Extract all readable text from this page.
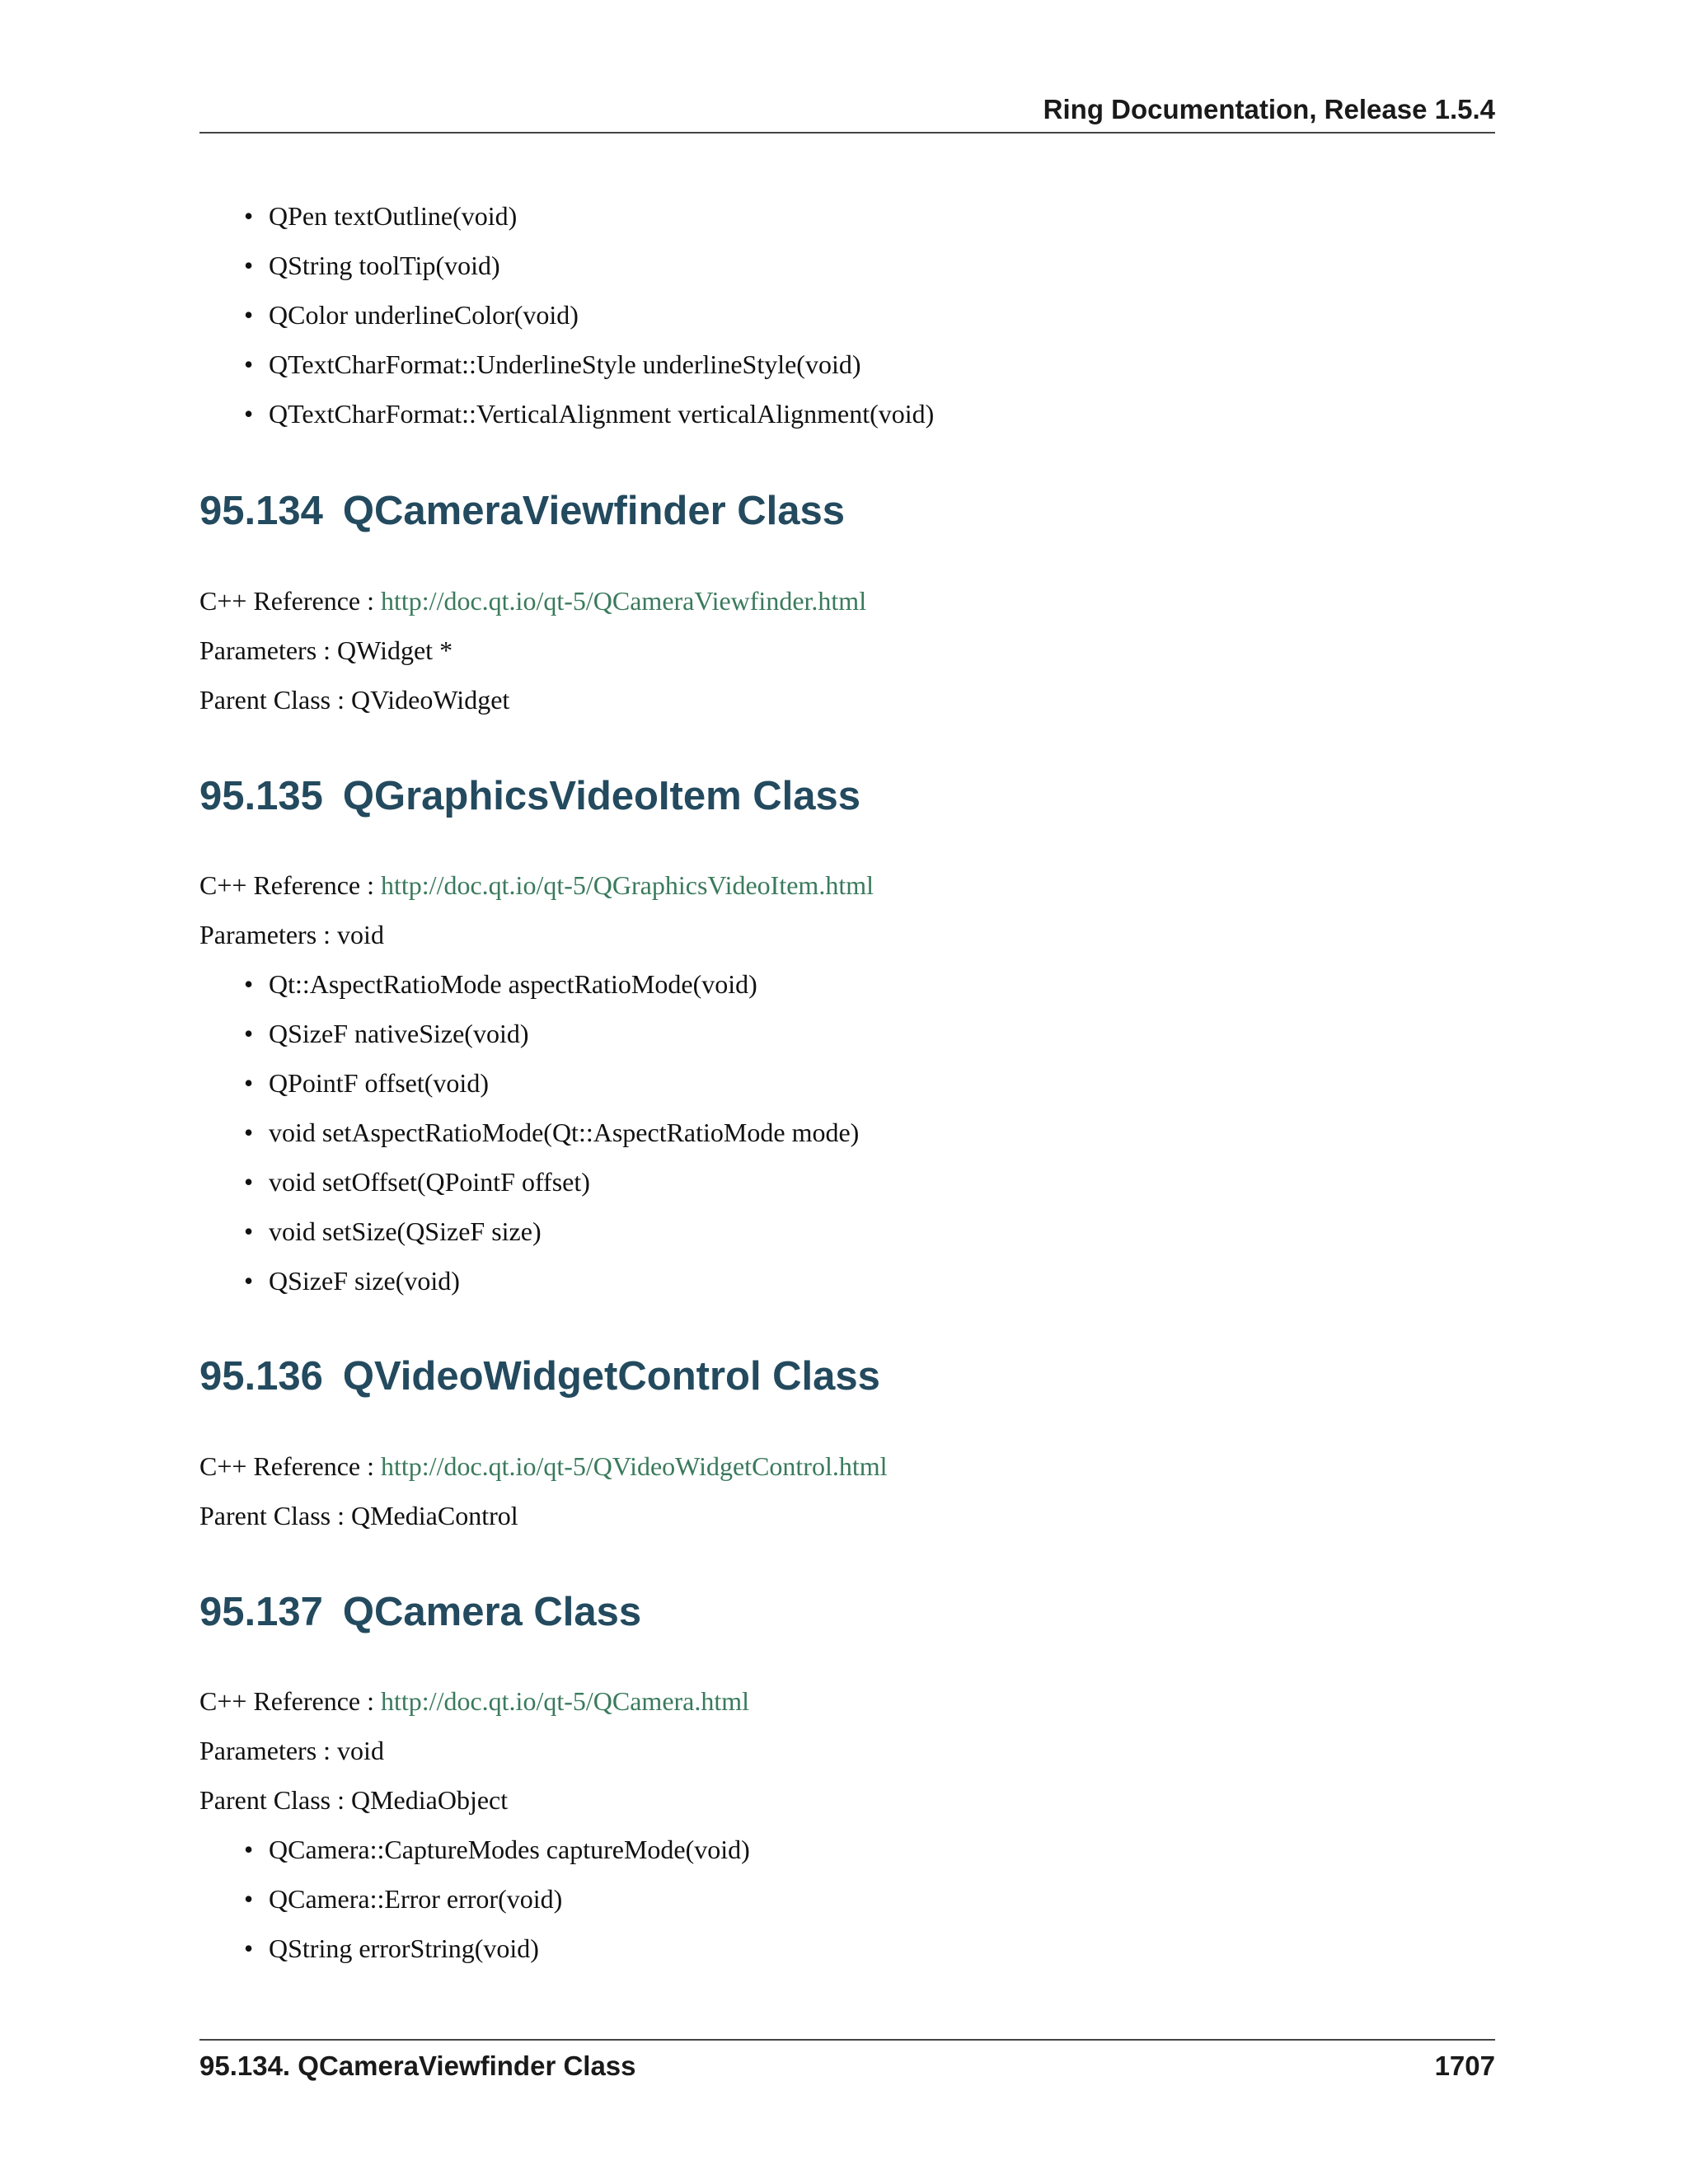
Ring Documentation, Release 1.5.4
• QPen textOutline(void)
• QString toolTip(void)
• QColor underlineColor(void)
• QTextCharFormat::UnderlineStyle underlineStyle(void)
• QTextCharFormat::VerticalAlignment verticalAlignment(void)
95.134 QCameraViewfinder Class
C++ Reference : http://doc.qt.io/qt-5/QCameraViewfinder.html
Parameters : QWidget *
Parent Class : QVideoWidget
95.135 QGraphicsVideoItem Class
C++ Reference : http://doc.qt.io/qt-5/QGraphicsVideoItem.html
Parameters : void
• Qt::AspectRatioMode aspectRatioMode(void)
• QSizeF nativeSize(void)
• QPointF offset(void)
• void setAspectRatioMode(Qt::AspectRatioMode mode)
• void setOffset(QPointF offset)
• void setSize(QSizeF size)
• QSizeF size(void)
95.136 QVideoWidgetControl Class
C++ Reference : http://doc.qt.io/qt-5/QVideoWidgetControl.html
Parent Class : QMediaControl
95.137 QCamera Class
C++ Reference : http://doc.qt.io/qt-5/QCamera.html
Parameters : void
Parent Class : QMediaObject
• QCamera::CaptureModes captureMode(void)
• QCamera::Error error(void)
• QString errorString(void)
95.134. QCameraViewfinder Class	1707
